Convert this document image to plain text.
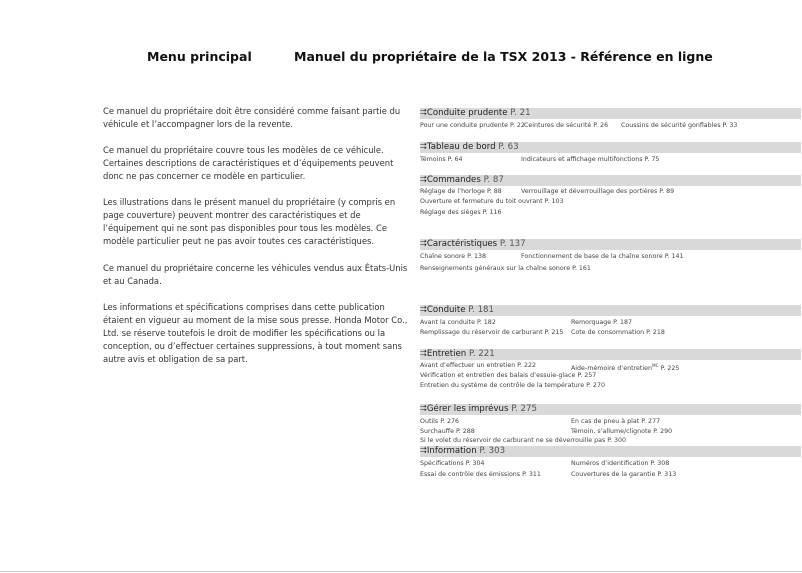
Menu principal	Manuel du propriétaire de la TSX 2013 - Référence en ligne

Ce manuel du propriétaire doit être considéré comme faisant partie du véhicule et l’accompagner lors de la revente.

Ce manuel du propriétaire couvre tous les modèles de ce véhicule. Certaines descriptions de caractéristiques et d’équipements peuvent donc ne pas concerner ce modèle en particulier.

Les illustrations dans le présent manuel du propriétaire (y compris en page couverture) peuvent montrer des caractéristiques et de l’équipement qui ne sont pas disponibles pour tous les modèles. Ce modèle particulier peut ne pas avoir toutes ces caractéristiques.

Ce manuel du propriétaire concerne les véhicules vendus aux États-Unis et au Canada.

Les informations et spécifications comprises dans cette publication étaient en vigueur au moment de la mise sous presse. Honda Motor Co., Ltd. se réserve toutefois le droit de modifier les spécifications ou la conception, ou d’effectuer certaines suppressions, à tout moment sans autre avis et obligation de sa part.

⮆Conduite prudente P. 21
Pour une conduite prudente P. 22 Ceintures de sécurité P. 26 Coussins de sécurité gonflables P. 33
⮆Tableau de bord P. 63
Témoins P. 64	Indicateurs et affichage multifonctions P. 75
⮆Commandes P. 87
Réglage de l’horloge P. 88	Verrouillage et déverrouillage des portières P. 89
Ouverture et fermeture du toit ouvrant P. 103
Réglage des sièges P. 116
⮆Caractéristiques P. 137
Chaîne sonore P. 138	Fonctionnement de base de la chaîne sonore P. 141
Renseignements généraux sur la chaîne sonore P. 161
⮆Conduite P. 181
Avant la conduite P. 182	Remorquage P. 187
Remplissage du réservoir de carburant P. 215 Cote de consommation P. 218
⮆Entretien P. 221
Avant d’effectuer un entretien P. 222	Aide-mémoire d’entretien$^{MC}$ P. 225
Vérification et entretien des balais d’essuie-glace P. 257
Entretien du système de contrôle de la température P. 270
⮆Gérer les imprévus P. 275
Outils P. 276	En cas de pneu à plat P. 277
Surchauffe P. 288	Témoin, s’allume/clignote P. 290
Si le volet du réservoir de carburant ne se déverrouille pas P. 300
⮆Information P. 303
Spécifications P. 304	Numéros d’identification P. 308
Essai de contrôle des émissions P. 311	Couvertures de la garantie P. 313
